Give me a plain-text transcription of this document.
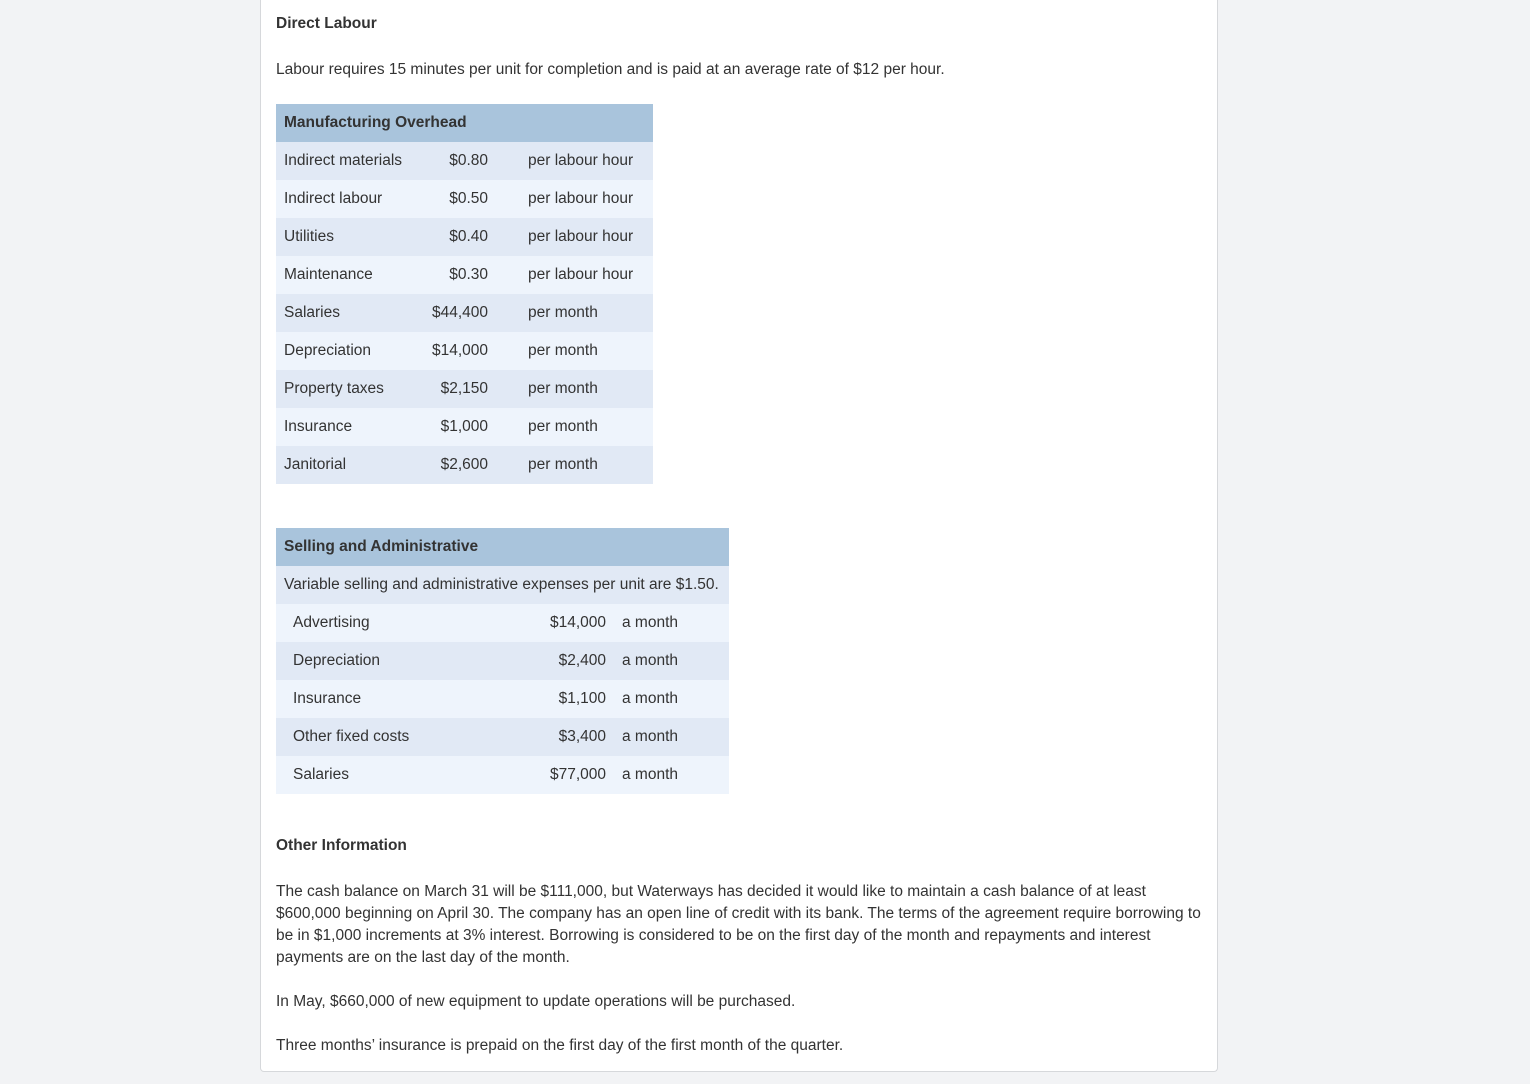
Direct Labour
Labour requires 15 minutes per unit for completion and is paid at an average rate of $12 per hour.
Manufacturing Overhead		
Indirect materials	$0.80	per labour hour
Indirect labour	$0.50	per labour hour
Utilities	$0.40	per labour hour
Maintenance	$0.30	per labour hour
Salaries	$44,400	per month
Depreciation	$14,000	per month
Property taxes	$2,150	per month
Insurance	$1,000	per month
Janitorial	$2,600	per month
Selling and Administrative		
Variable selling and administrative expenses per unit are $1.50.		
Advertising	$14,000	a month
Depreciation	$2,400	a month
Insurance	$1,100	a month
Other fixed costs	$3,400	a month
Salaries	$77,000	a month
Other Information
The cash balance on March 31 will be $111,000, but Waterways has decided it would like to maintain a cash balance of at least $600,000 beginning on April 30. The company has an open line of credit with its bank. The terms of the agreement require borrowing to be in $1,000 increments at 3% interest. Borrowing is considered to be on the first day of the month and repayments and interest payments are on the last day of the month.
In May, $660,000 of new equipment to update operations will be purchased.
Three months’ insurance is prepaid on the first day of the first month of the quarter.
